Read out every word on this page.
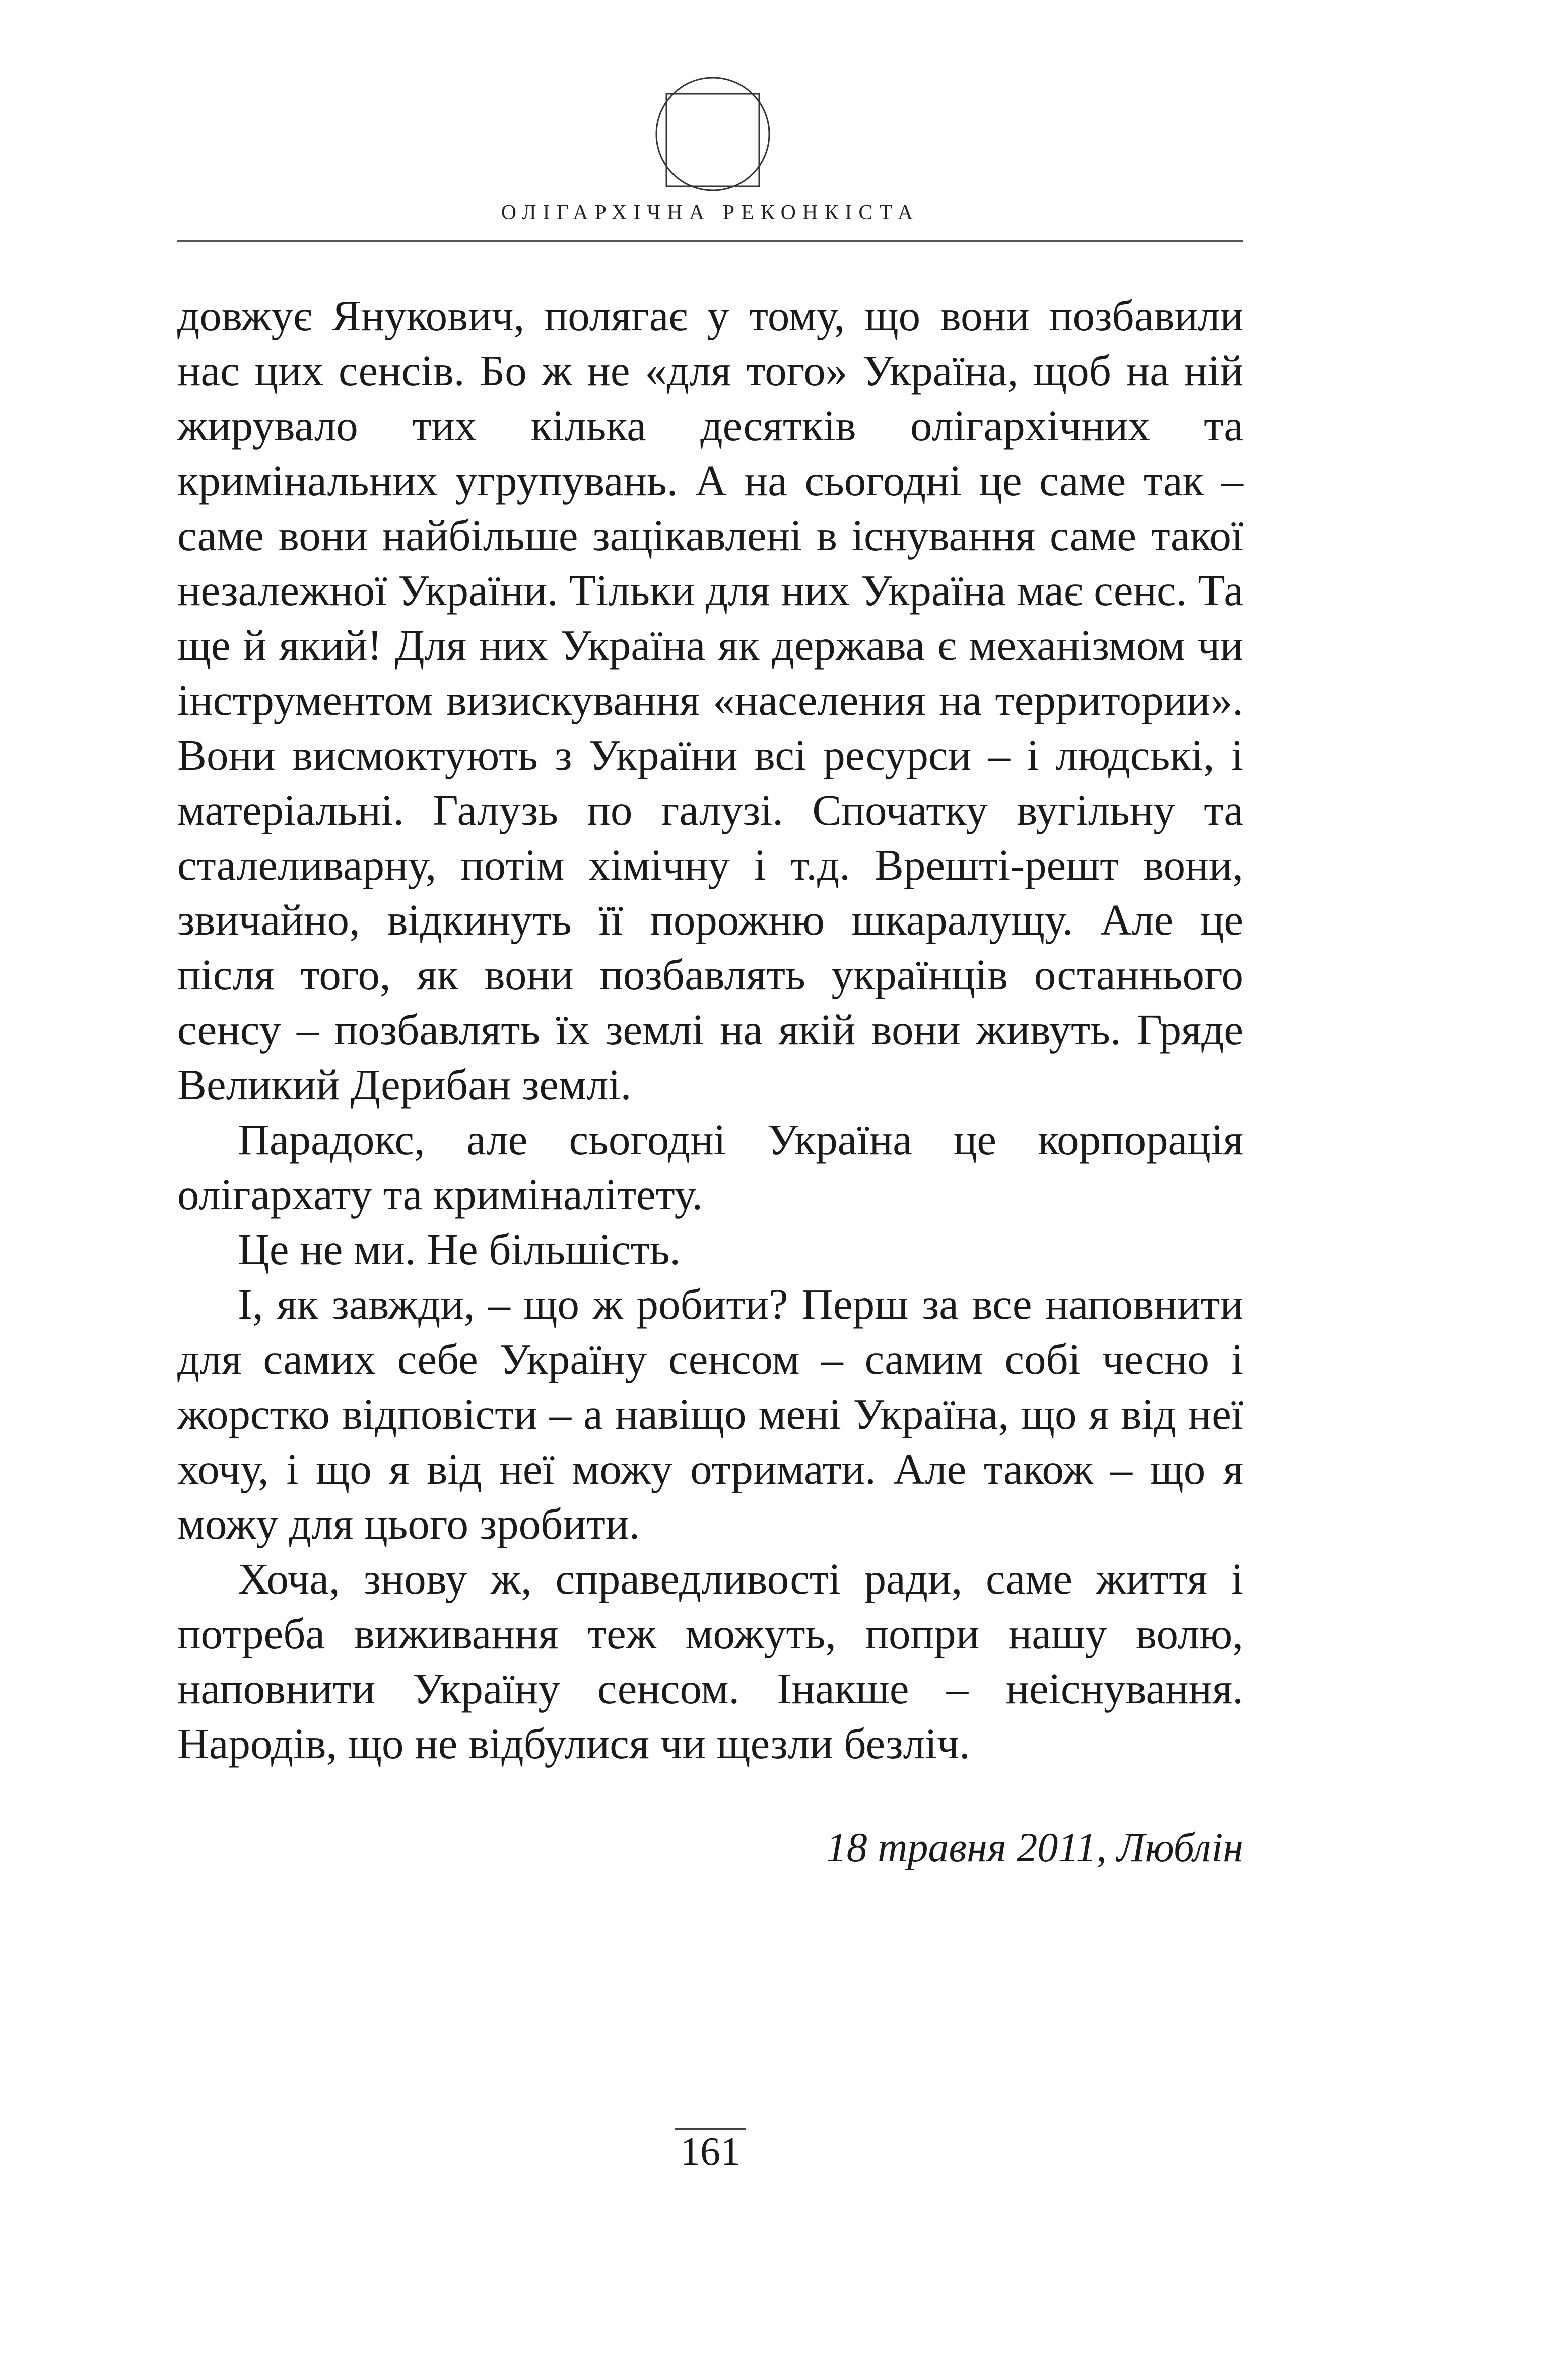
ОЛІГАРХІЧНА РЕКОНКІСТА

довжує Янукович, полягає у тому, що вони позбавили нас цих сенсів. Бо ж не «для того» Україна, щоб на ній жирувало тих кілька десятків олігархічних та кримінальних угрупувань. А на сьогодні це саме так – саме вони найбільше зацікавлені в існування саме такої незалежної України. Тільки для них Україна має сенс. Та ще й який! Для них Україна як держава є механізмом чи інструментом визискування «населения на территории». Вони висмоктують з України всі ресурси – і людські, і матеріальні. Галузь по галузі. Спочатку вугільну та сталеливарну, потім хімічну і т.д. Врешті-решт вони, звичайно, відкинуть її порожню шкаралущу. Але це після того, як вони позбавлять українців останнього сенсу – позбавлять їх землі на якій вони живуть. Гряде Великий Дерибан землі.

Парадокс, але сьогодні Україна це корпорація олігархату та криміналітету.

Це не ми. Не більшість.

І, як завжди, – що ж робити? Перш за все наповнити для самих себе Україну сенсом – самим собі чесно і жорстко відповісти – а навіщо мені Україна, що я від неї хочу, і що я від неї можу отримати. Але також – що я можу для цього зробити.

Хоча, знову ж, справедливості ради, саме життя і потреба виживання теж можуть, попри нашу волю, наповнити Україну сенсом. Інакше – неіснування. Народів, що не відбулися чи щезли безліч.

18 травня 2011, Люблін
161
